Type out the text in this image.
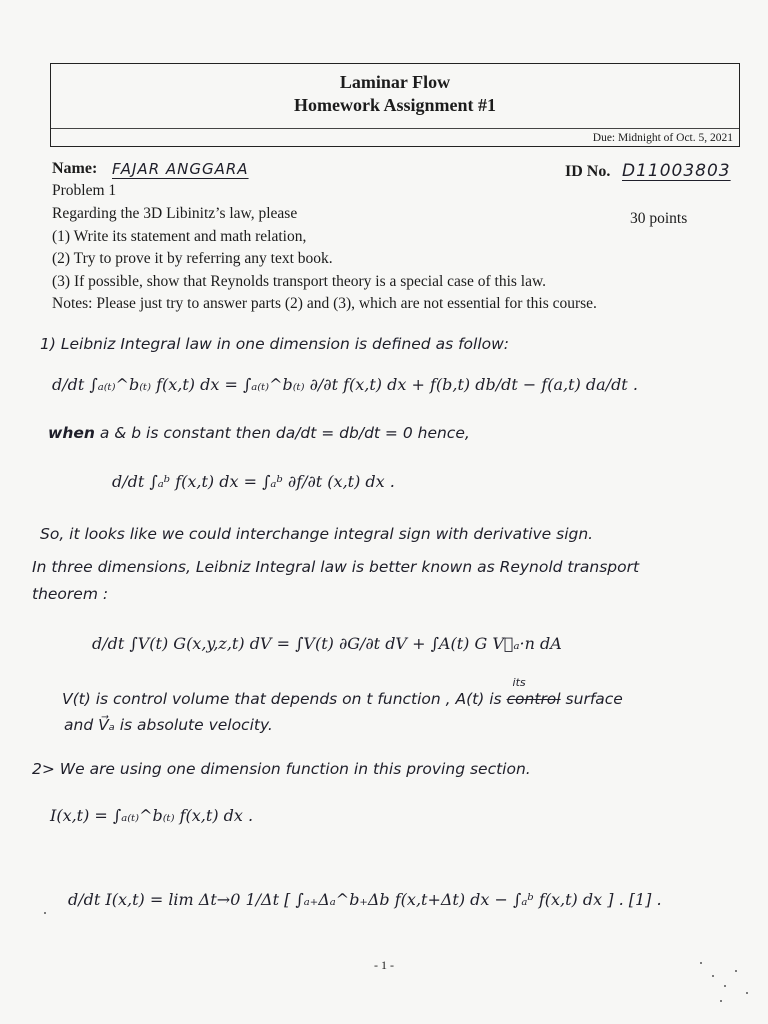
Laminar Flow
Homework Assignment #1
Due: Midnight of Oct. 5, 2021
Name: FAJAR ANGGARA	ID No. D11003803
Problem 1
Regarding the 3D Libinitz’s law, please	30 points
(1) Write its statement and math relation,
(2) Try to prove it by referring any text book.
(3) If possible, show that Reynolds transport theory is a special case of this law.
Notes: Please just try to answer parts (2) and (3), which are not essential for this course.
1) Leibniz Integral law in one dimension is defined as follow:
d/dt ∫ₐ₍ₜ₎^b₍ₜ₎ f(x,t) dx = ∫ₐ₍ₜ₎^b₍ₜ₎ ∂/∂t f(x,t) dx + f(b,t) db/dt − f(a,t) da/dt .
when a & b is constant then da/dt = db/dt = 0 hence,
d/dt ∫ₐᵇ f(x,t) dx = ∫ₐᵇ ∂f/∂t (x,t) dx .
So, it looks like we could interchange integral sign with derivative sign.
In three dimensions, Leibniz Integral law is better known as Reynold transport
theorem :
d/dt ∫V(t) G(x,y,z,t) dV = ∫V(t) ∂G/∂t dV + ∫A(t) G V⃗ₐ·n dA
V(t) is control volume that depends on t function , A(t) is control
its
surface
and V⃗ₐ is absolute velocity.
2> We are using one dimension function in this proving section.
I(x,t) = ∫ₐ₍ₜ₎^b₍ₜ₎ f(x,t) dx .
d/dt I(x,t) = lim Δt→0 1/Δt [ ∫ₐ₊Δₐ^b₊Δb f(x,t+Δt) dx − ∫ₐᵇ f(x,t) dx ] . [1] .
- 1 -
